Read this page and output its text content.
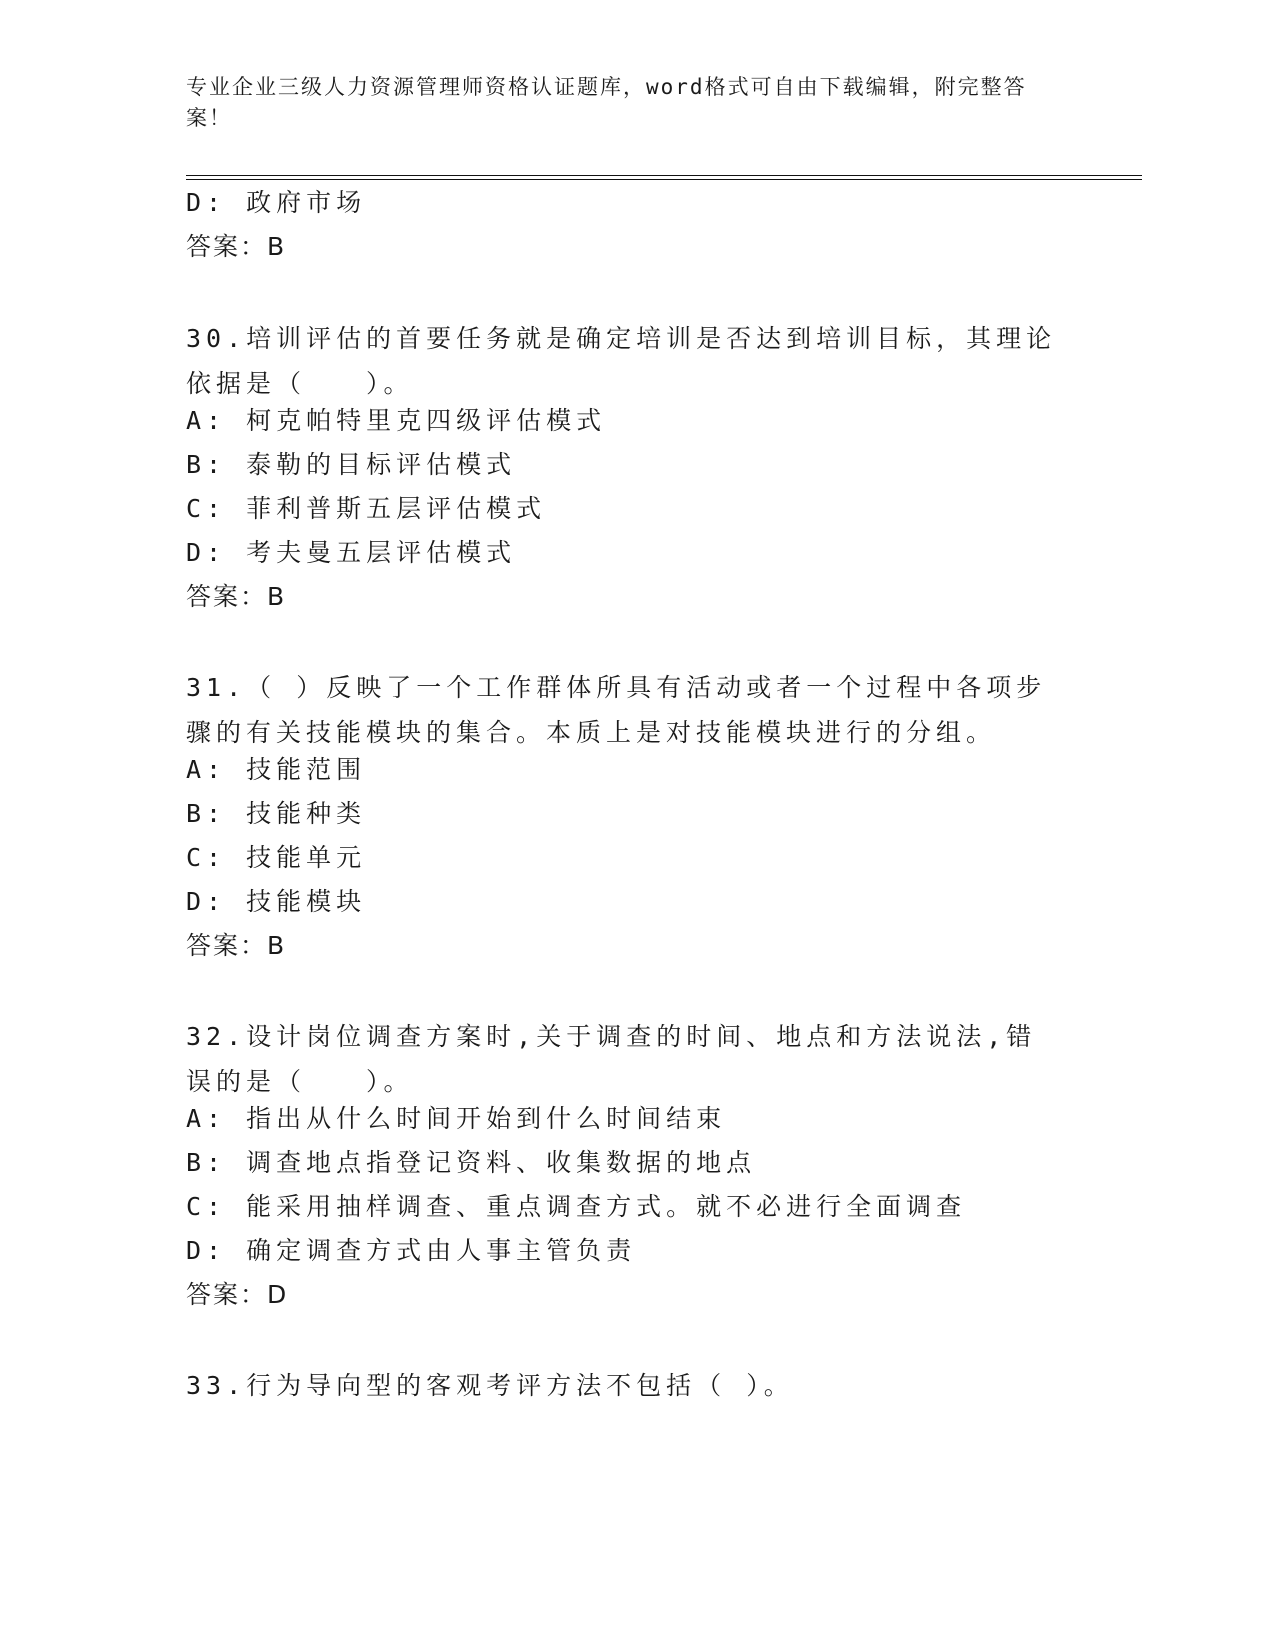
专业企业三级人力资源管理师资格认证题库，word格式可自由下载编辑，附完整答案！
D: 政府市场
答案：B
30.培训评估的首要任务就是确定培训是否达到培训目标，其理论依据是（　　）。
A: 柯克帕特里克四级评估模式
B: 泰勒的目标评估模式
C: 菲利普斯五层评估模式
D: 考夫曼五层评估模式
答案：B
31.（ ）反映了一个工作群体所具有活动或者一个过程中各项步骤的有关技能模块的集合。本质上是对技能模块进行的分组。
A: 技能范围
B: 技能种类
C: 技能单元
D: 技能模块
答案：B
32.设计岗位调查方案时,关于调查的时间、地点和方法说法,错误的是（　　）。
A: 指出从什么时间开始到什么时间结束
B: 调查地点指登记资料、收集数据的地点
C: 能采用抽样调查、重点调查方式。就不必进行全面调查
D: 确定调查方式由人事主管负责
答案：D
33.行为导向型的客观考评方法不包括（ ）。
